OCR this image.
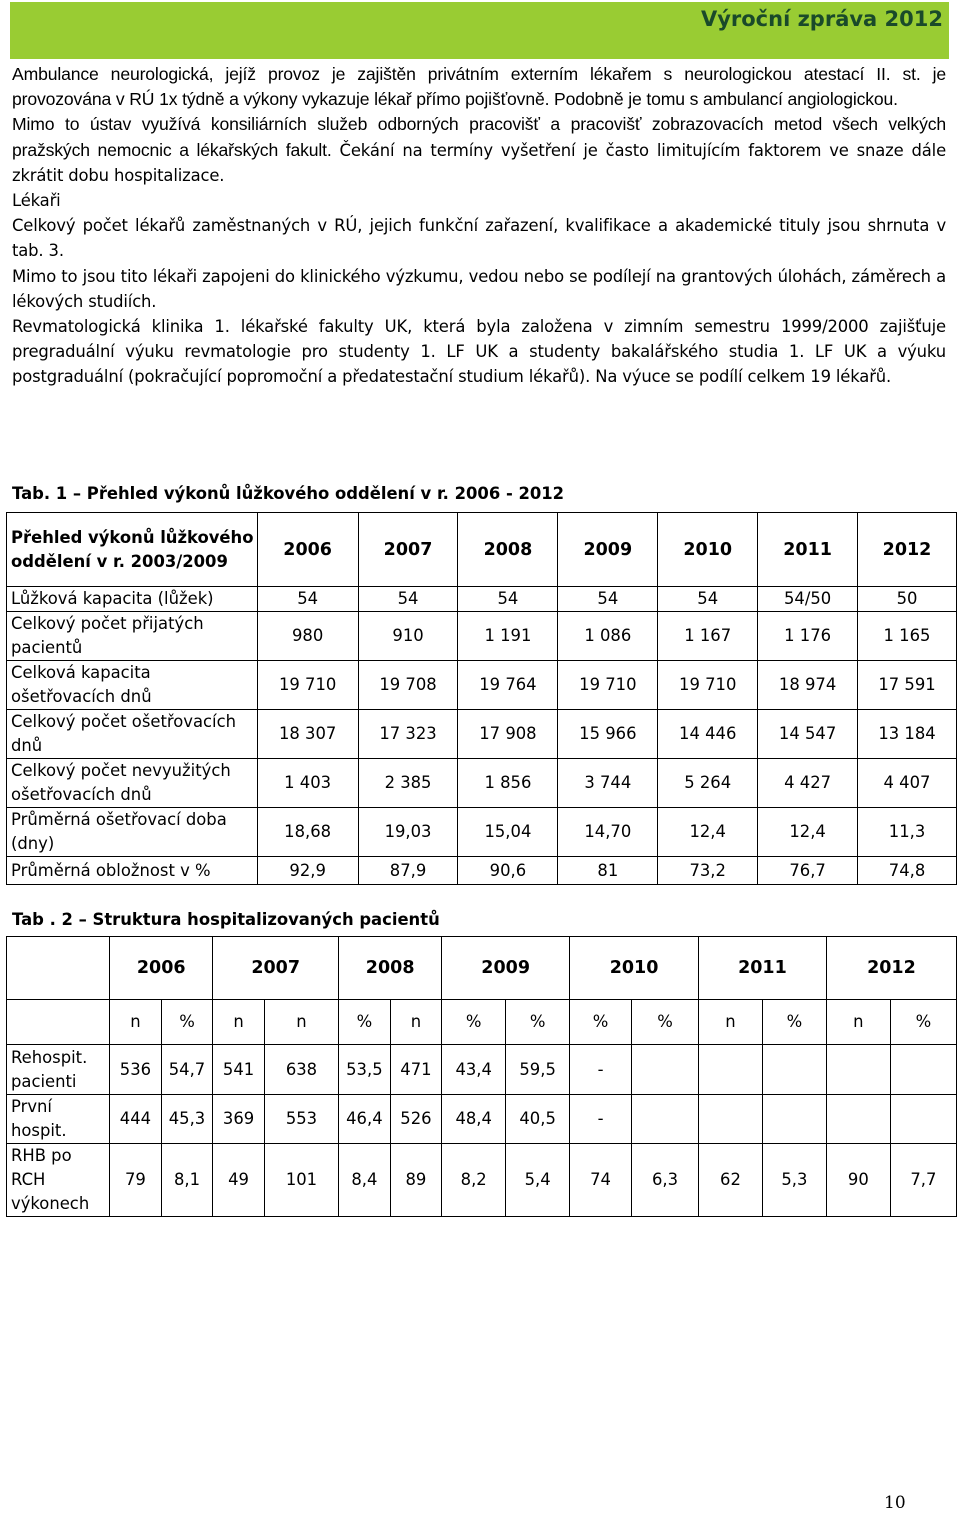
Výroční zpráva 2012

Ambulance neurologická, jejíž provoz je zajištěn privátním externím lékařem s neurologickou atestací II. st. je provozována v RÚ 1x týdně a výkony vykazuje lékař přímo pojišťovně. Podobně je tomu s ambulancí angiologickou.

Mimo to ústav využívá konsiliárních služeb odborných pracovišť a pracovišť zobrazovacích metod všech velkých pražských nemocnic a lékařských fakult. Čekání na termíny vyšetření je často limitujícím faktorem ve snaze dále zkrátit dobu hospitalizace.

Lékaři

Celkový počet lékařů zaměstnaných v RÚ, jejich funkční zařazení, kvalifikace a akademické tituly jsou shrnuta v tab. 3.

Mimo to jsou tito lékaři zapojeni do klinického výzkumu, vedou nebo se podílejí na grantových úlohách, záměrech a lékových studiích.

Revmatologická klinika 1. lékařské fakulty UK, která byla založena v zimním semestru 1999/2000 zajišťuje pregraduální výuku revmatologie pro studenty 1. LF UK a studenty bakalářského studia 1. LF UK a výuku postgraduální (pokračující popromoční a předatestační studium lékařů). Na výuce se podílí celkem 19 lékařů.

Tab. 1 – Přehled výkonů lůžkového oddělení v r. 2006 - 2012
Přehled výkonů lůžkového oddělení v r. 2003/2009	2006	2007	2008	2009	2010	2011	2012
Lůžková kapacita (lůžek)	54	54	54	54	54	54/50	50
Celkový počet přijatých pacientů	980	910	1 191	1 086	1 167	1 176	1 165
Celková kapacita ošetřovacích dnů	19 710	19 708	19 764	19 710	19 710	18 974	17 591
Celkový počet ošetřovacích dnů	18 307	17 323	17 908	15 966	14 446	14 547	13 184
Celkový počet nevyužitých ošetřovacích dnů	1 403	2 385	1 856	3 744	5 264	4 427	4 407
Průměrná ošetřovací doba (dny)	18,68	19,03	15,04	14,70	12,4	12,4	11,3
Průměrná obložnost v %	92,9	87,9	90,6	81	73,2	76,7	74,8
Tab . 2 – Struktura hospitalizovaných pacientů
	2006		2007		2008		2009		2010		2011		2012	
	n	%	n	n	%	n	%	%	%	%	n	%	n	%
Rehospit. pacienti	536	54,7	541	638	53,5	471	43,4	59,5	-					
První hospit.	444	45,3	369	553	46,4	526	48,4	40,5	-					
RHB po RCH výkonech	79	8,1	49	101	8,4	89	8,2	5,4	74	6,3	62	5,3	90	7,7
10
